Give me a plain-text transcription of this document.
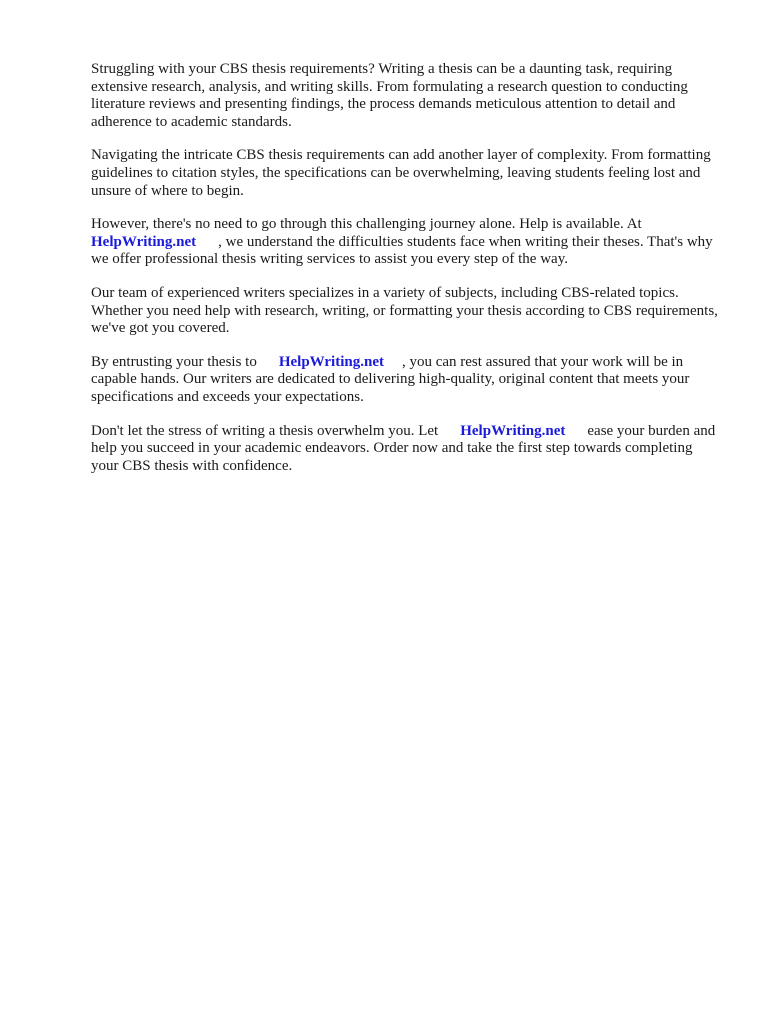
Struggling with your CBS thesis requirements? Writing a thesis can be a daunting task, requiring extensive research, analysis, and writing skills. From formulating a research question to conducting literature reviews and presenting findings, the process demands meticulous attention to detail and adherence to academic standards.

Navigating the intricate CBS thesis requirements can add another layer of complexity. From formatting guidelines to citation styles, the specifications can be overwhelming, leaving students feeling lost and unsure of where to begin.

However, there's no need to go through this challenging journey alone. Help is available. At
HelpWriting.net , we understand the difficulties students face when writing their theses. That's why we offer professional thesis writing services to assist you every step of the way.

Our team of experienced writers specializes in a variety of subjects, including CBS-related topics. Whether you need help with research, writing, or formatting your thesis according to CBS requirements, we've got you covered.

By entrusting your thesis to HelpWriting.net , you can rest assured that your work will be in capable hands. Our writers are dedicated to delivering high-quality, original content that meets your specifications and exceeds your expectations.

Don't let the stress of writing a thesis overwhelm you. Let HelpWriting.net ease your burden and help you succeed in your academic endeavors. Order now and take the first step towards completing your CBS thesis with confidence.
